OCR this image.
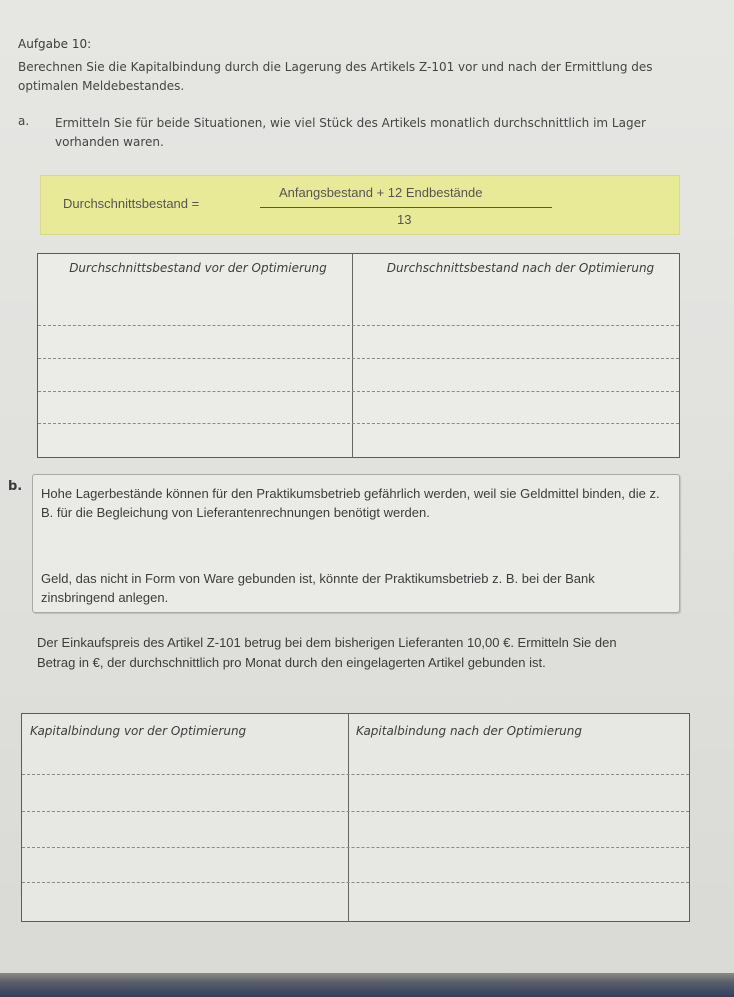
Aufgabe 10:
Berechnen Sie die Kapitalbindung durch die Lagerung des Artikels Z-101 vor und nach der Ermittlung des optimalen Meldebestandes.
a. Ermitteln Sie für beide Situationen, wie viel Stück des Artikels monatlich durchschnittlich im Lager vorhanden waren.
Durchschnittsbestand =
Anfangsbestand + 12 Endbestände
13
Durchschnittsbestand vor der Optimierung	Durchschnittsbestand nach der Optimierung
b. Hohe Lagerbestände können für den Praktikumsbetrieb gefährlich werden, weil sie Geldmittel binden, die z. B. für die Begleichung von Lieferantenrechnungen benötigt werden.
Geld, das nicht in Form von Ware gebunden ist, könnte der Praktikumsbetrieb z. B. bei der Bank zinsbringend anlegen.
Der Einkaufspreis des Artikel Z-101 betrug bei dem bisherigen Lieferanten 10,00 €. Ermitteln Sie den Betrag in €, der durchschnittlich pro Monat durch den eingelagerten Artikel gebunden ist.
Kapitalbindung vor der Optimierung	Kapitalbindung nach der Optimierung
